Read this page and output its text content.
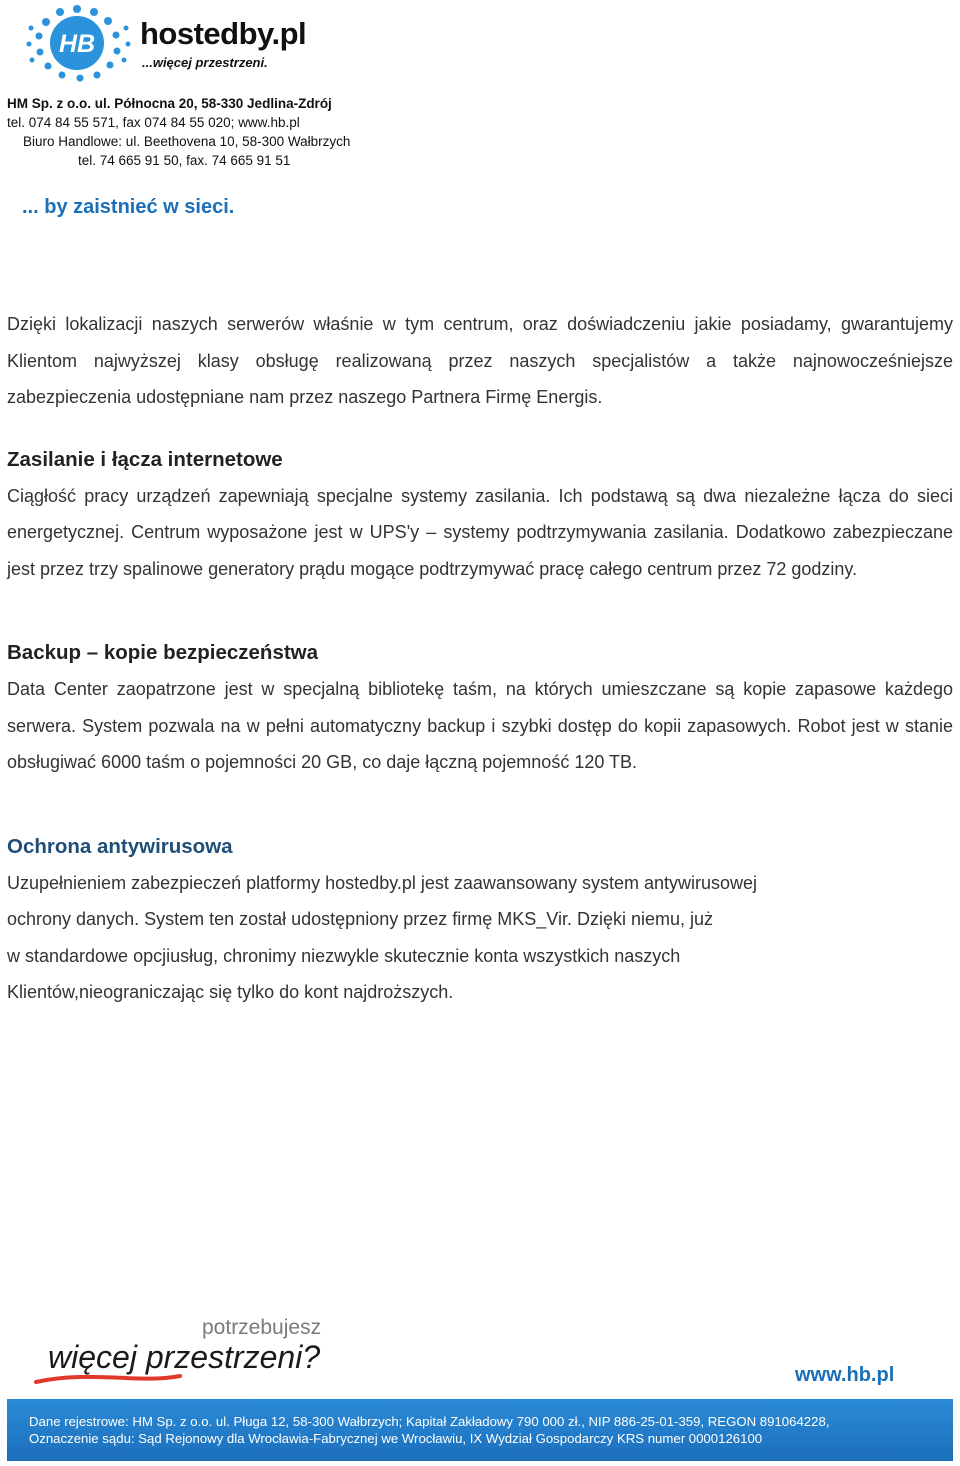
HB hostedby.pl
...więcej przestrzeni.
HM Sp. z o.o. ul. Północna 20, 58-330 Jedlina-Zdrój
tel. 074 84 55 571, fax 074 84 55 020; www.hb.pl
Biuro Handlowe: ul. Beethovena 10, 58-300 Wałbrzych
tel. 74 665 91 50, fax. 74 665 91 51
... by zaistnieć w sieci.

Dzięki lokalizacji naszych serwerów właśnie w tym centrum, oraz doświadczeniu jakie posiadamy, gwarantujemy Klientom najwyższej klasy obsługę realizowaną przez naszych specjalistów a także najnowocześniejsze zabezpieczenia udostępniane nam przez naszego Partnera Firmę Energis.

Zasilanie i łącza internetowe

Ciągłość pracy urządzeń zapewniają specjalne systemy zasilania. Ich podstawą są dwa niezależne łącza do sieci energetycznej. Centrum wyposażone jest w UPS'y – systemy podtrzymywania zasilania. Dodatkowo zabezpieczane jest przez trzy spalinowe generatory prądu mogące podtrzymywać pracę całego centrum przez 72 godziny.

Backup – kopie bezpieczeństwa

Data Center zaopatrzone jest w specjalną bibliotekę taśm, na których umieszczane są kopie zapasowe każdego serwera. System pozwala na w pełni automatyczny backup i szybki dostęp do kopii zapasowych. Robot jest w stanie obsługiwać 6000 taśm o pojemności 20 GB, co daje łączną pojemność 120 TB.

Ochrona antywirusowa

Uzupełnieniem zabezpieczeń platformy hostedby.pl jest zaawansowany system antywirusowej
ochrony danych. System ten został udostępniony przez firmę MKS_Vir. Dzięki niemu, już
w standardowe opcjiusług, chronimy niezwykle skutecznie konta wszystkich naszych
Klientów,nieograniczając się tylko do kont najdroższych.

potrzebujesz
więcej przestrzeni?	www.hb.pl
Dane rejestrowe: HM Sp. z o.o. ul. Pługa 12, 58-300 Wałbrzych; Kapitał Zakładowy 790 000 zł., NIP 886-25-01-359, REGON 891064228,
Oznaczenie sądu: Sąd Rejonowy dla Wrocławia-Fabrycznej we Wrocławiu, IX Wydział Gospodarczy KRS numer 0000126100
